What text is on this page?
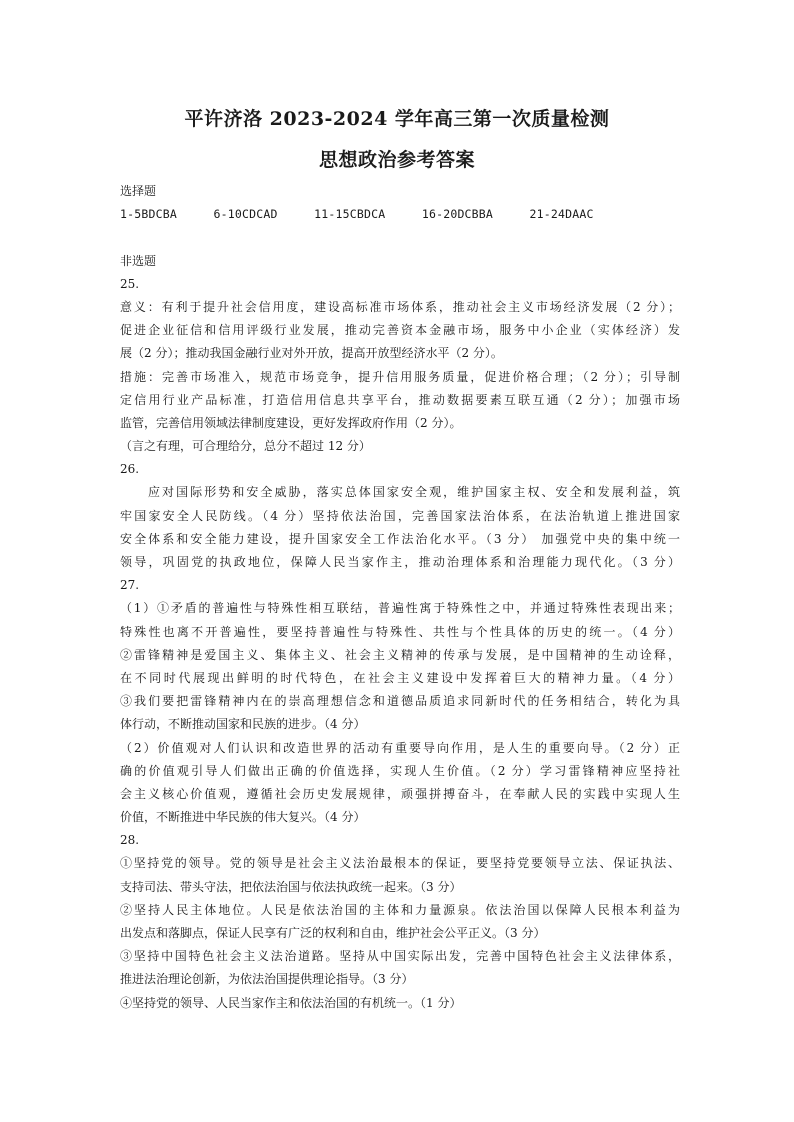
平许济洛 2023-2024 学年高三第一次质量检测
思想政治参考答案
选择题
1-5BDCBA    6-10CDCAD    11-15CBDCA    16-20DCBBA    21-24DAAC
非选题
25.
意义：有利于提升社会信用度，建设高标准市场体系，推动社会主义市场经济发展（2 分）；
促进企业征信和信用评级行业发展，推动完善资本金融市场，服务中小企业（实体经济）发
展（2 分）；推动我国金融行业对外开放，提高开放型经济水平（2 分）。
措施：完善市场准入，规范市场竞争，提升信用服务质量，促进价格合理；（2 分）；引导制
定信用行业产品标准，打造信用信息共享平台，推动数据要素互联互通（2 分）；加强市场
监管，完善信用领域法律制度建设，更好发挥政府作用（2 分）。
（言之有理，可合理给分，总分不超过 12 分）
26.
应对国际形势和安全威胁，落实总体国家安全观，维护国家主权、安全和发展利益，筑
牢国家安全人民防线。（4 分）坚持依法治国，完善国家法治体系，在法治轨道上推进国家
安全体系和安全能力建设，提升国家安全工作法治化水平。（3 分） 加强党中央的集中统一
领导，巩固党的执政地位，保障人民当家作主，推动治理体系和治理能力现代化。（3 分）
27.
（1）①矛盾的普遍性与特殊性相互联结，普遍性寓于特殊性之中，并通过特殊性表现出来；
特殊性也离不开普遍性，要坚持普遍性与特殊性、共性与个性具体的历史的统一。（4 分）
②雷锋精神是爱国主义、集体主义、社会主义精神的传承与发展，是中国精神的生动诠释，
在不同时代展现出鲜明的时代特色，在社会主义建设中发挥着巨大的精神力量。（4 分）
③我们要把雷锋精神内在的崇高理想信念和道德品质追求同新时代的任务相结合，转化为具
体行动，不断推动国家和民族的进步。（4 分）
（2）价值观对人们认识和改造世界的活动有重要导向作用，是人生的重要向导。（2 分）正
确的价值观引导人们做出正确的价值选择，实现人生价值。（2 分）学习雷锋精神应坚持社
会主义核心价值观，遵循社会历史发展规律，顽强拼搏奋斗，在奉献人民的实践中实现人生
价值，不断推进中华民族的伟大复兴。（4 分）
28.
①坚持党的领导。党的领导是社会主义法治最根本的保证，要坚持党要领导立法、保证执法、
支持司法、带头守法，把依法治国与依法执政统一起来。（3 分）
②坚持人民主体地位。人民是依法治国的主体和力量源泉。依法治国以保障人民根本利益为
出发点和落脚点，保证人民享有广泛的权利和自由，维护社会公平正义。（3 分）
③坚持中国特色社会主义法治道路。坚持从中国实际出发，完善中国特色社会主义法律体系，
推进法治理论创新，为依法治国提供理论指导。（3 分）
④坚持党的领导、人民当家作主和依法治国的有机统一。（1 分）
